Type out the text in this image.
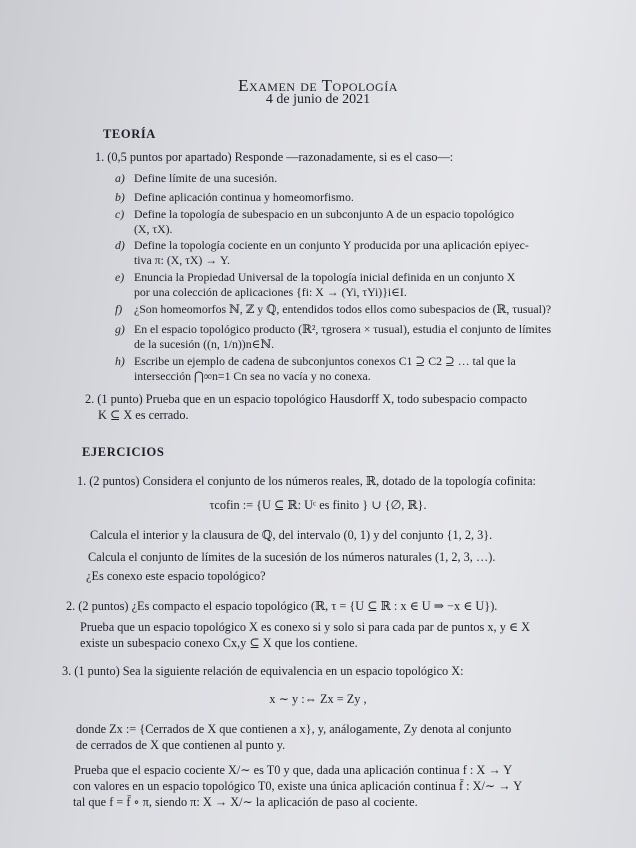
Examen de Topología
4 de junio de 2021
TEORÍA
1. (0,5 puntos por apartado) Responde —razonadamente, si es el caso—:
a) Define límite de una sucesión.
b) Define aplicación continua y homeomorfismo.
c) Define la topología de subespacio en un subconjunto A de un espacio topológico
(X, τX).
d) Define la topología cociente en un conjunto Y producida por una aplicación epiyec-
tiva π: (X, τX) → Y.
e) Enuncia la Propiedad Universal de la topología inicial definida en un conjunto X
por una colección de aplicaciones {fi: X → (Yi, τYi)}i∈I.
f) ¿Son homeomorfos ℕ, ℤ y ℚ, entendidos todos ellos como subespacios de (ℝ, τusual)?
g) En el espacio topológico producto (ℝ², τgrosera × τusual), estudia el conjunto de límites
de la sucesión ((n, 1/n))n∈ℕ.
h) Escribe un ejemplo de cadena de subconjuntos conexos C1 ⊇ C2 ⊇ … tal que la
intersección ⋂∞n=1 Cn sea no vacía y no conexa.
2. (1 punto) Prueba que en un espacio topológico Hausdorff X, todo subespacio compacto
K ⊆ X es cerrado.
EJERCICIOS
1. (2 puntos) Considera el conjunto de los números reales, ℝ, dotado de la topología cofinita:
τcofin := {U ⊆ ℝ: Uᶜ es finito } ∪ {∅, ℝ}.
Calcula el interior y la clausura de ℚ, del intervalo (0, 1) y del conjunto {1, 2, 3}.
Calcula el conjunto de límites de la sucesión de los números naturales (1, 2, 3, …).
¿Es conexo este espacio topológico?
2. (2 puntos) ¿Es compacto el espacio topológico (ℝ, τ = {U ⊆ ℝ : x ∈ U ⇒ −x ∈ U}).
Prueba que un espacio topológico X es conexo si y solo si para cada par de puntos x, y ∈ X
existe un subespacio conexo Cx,y ⊆ X que los contiene.
3. (1 punto) Sea la siguiente relación de equivalencia en un espacio topológico X:
x ∼ y :⇔ Zx = Zy ,
donde Zx := {Cerrados de X que contienen a x}, y, análogamente, Zy denota al conjunto
de cerrados de X que contienen al punto y.
Prueba que el espacio cociente X/∼ es T0 y que, dada una aplicación continua f : X → Y
con valores en un espacio topológico T0, existe una única aplicación continua f̄ : X/∼ → Y
tal que f = f̄ ∘ π, siendo π: X → X/∼ la aplicación de paso al cociente.
